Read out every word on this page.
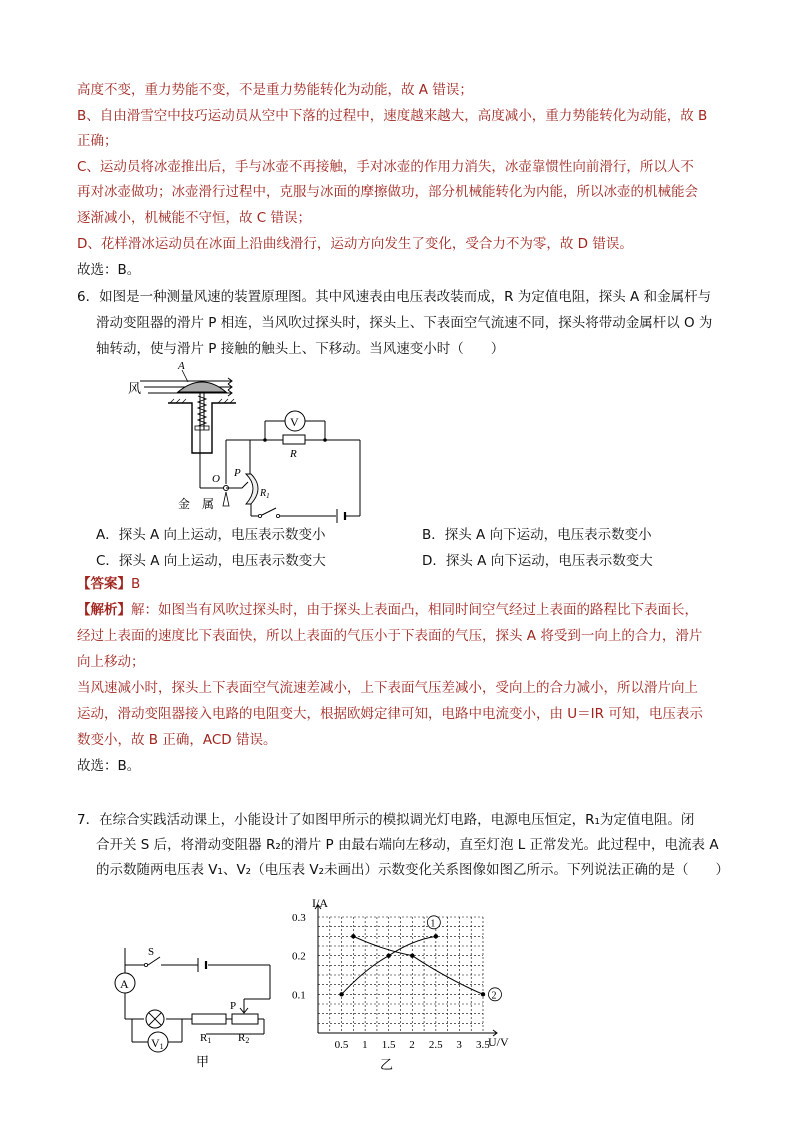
高度不变，重力势能不变，不是重力势能转化为动能，故 A 错误；
B、自由滑雪空中技巧运动员从空中下落的过程中，速度越来越大，高度减小，重力势能转化为动能，故 B
正确；
C、运动员将冰壶推出后，手与冰壶不再接触，手对冰壶的作用力消失，冰壶靠惯性向前滑行，所以人不
再对冰壶做功；冰壶滑行过程中，克服与冰面的摩擦做功，部分机械能转化为内能，所以冰壶的机械能会
逐渐减小，机械能不守恒，故 C 错误；
D、花样滑冰运动员在冰面上沿曲线滑行，运动方向发生了变化，受合力不为零，故 D 错误。
故选：B。
6．如图是一种测量风速的装置原理图。其中风速表由电压表改装而成，R 为定值电阻，探头 A 和金属杆与
滑动变阻器的滑片 P 相连，当风吹过探头时，探头上、下表面空气流速不同，探头将带动金属杆以 O 为
轴转动，使与滑片 P 接触的触头上、下移动。当风速变小时（　　）
风
A
O P
金　属
$R_1$
V
R
A．探头 A 向上运动，电压表示数变小	B．探头 A 向下运动，电压表示数变小
C．探头 A 向上运动，电压表示数变大	D．探头 A 向下运动，电压表示数变大
【答案】B
【解析】解：如图当有风吹过探头时，由于探头上表面凸，相同时间空气经过上表面的路程比下表面长，
经过上表面的速度比下表面快，所以上表面的气压小于下表面的气压，探头 A 将受到一向上的合力，滑片
向上移动；
当风速减小时，探头上下表面空气流速差减小，上下表面气压差减小，受向上的合力减小，所以滑片向上
运动，滑动变阻器接入电路的电阻变大，根据欧姆定律可知，电路中电流变小，由 U＝IR 可知，电压表示
数变小，故 B 正确，ACD 错误。
故选：B。
7．在综合实践活动课上，小能设计了如图甲所示的模拟调光灯电路，电源电压恒定，R₁为定值电阻。闭
合开关 S 后，将滑动变阻器 R₂的滑片 P 由最右端向左移动，直至灯泡 L 正常发光。此过程中，电流表 A
的示数随两电压表 V₁、V₂（电压表 V₂未画出）示数变化关系图像如图乙所示。下列说法正确的是（　　）
S
A
V1
R1
P
R2
甲
0.5 1 1.5 2 2.5 3 3.5
0.1
0.2
0.3	1
2
I/A
U/V
乙
